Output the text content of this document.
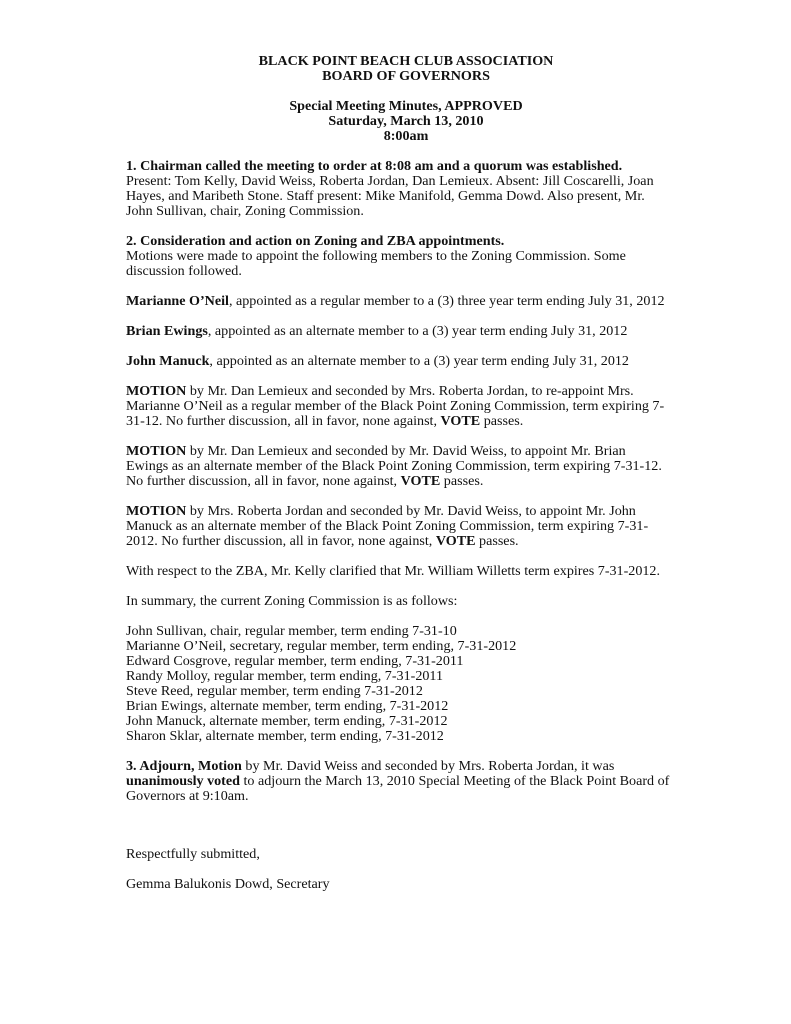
BLACK POINT BEACH CLUB ASSOCIATION
BOARD OF GOVERNORS
Special Meeting Minutes, APPROVED
Saturday, March 13, 2010
8:00am
1. Chairman called the meeting to order at 8:08 am and a quorum was established.
Present: Tom Kelly, David Weiss, Roberta Jordan, Dan Lemieux. Absent: Jill Coscarelli, Joan
Hayes, and Maribeth Stone. Staff present: Mike Manifold, Gemma Dowd. Also present, Mr.
John Sullivan, chair, Zoning Commission.
2. Consideration and action on Zoning and ZBA appointments.
Motions were made to appoint the following members to the Zoning Commission. Some
discussion followed.
Marianne O’Neil, appointed as a regular member to a (3) three year term ending July 31, 2012
Brian Ewings, appointed as an alternate member to a (3) year term ending July 31, 2012
John Manuck, appointed as an alternate member to a (3) year term ending July 31, 2012
MOTION by Mr. Dan Lemieux and seconded by Mrs. Roberta Jordan, to re-appoint Mrs.
Marianne O’Neil as a regular member of the Black Point Zoning Commission, term expiring 7-
31-12. No further discussion, all in favor, none against, VOTE passes.
MOTION by Mr. Dan Lemieux and seconded by Mr. David Weiss, to appoint Mr. Brian
Ewings as an alternate member of the Black Point Zoning Commission, term expiring 7-31-12.
No further discussion, all in favor, none against, VOTE passes.
MOTION by Mrs. Roberta Jordan and seconded by Mr. David Weiss, to appoint Mr. John
Manuck as an alternate member of the Black Point Zoning Commission, term expiring 7-31-
2012. No further discussion, all in favor, none against, VOTE passes.
With respect to the ZBA, Mr. Kelly clarified that Mr. William Willetts term expires 7-31-2012.
In summary, the current Zoning Commission is as follows:
John Sullivan, chair, regular member, term ending 7-31-10
Marianne O’Neil, secretary, regular member, term ending, 7-31-2012
Edward Cosgrove, regular member, term ending, 7-31-2011
Randy Molloy, regular member, term ending, 7-31-2011
Steve Reed, regular member, term ending 7-31-2012
Brian Ewings, alternate member, term ending, 7-31-2012
John Manuck, alternate member, term ending, 7-31-2012
Sharon Sklar, alternate member, term ending, 7-31-2012
3. Adjourn, Motion by Mr. David Weiss and seconded by Mrs. Roberta Jordan, it was
unanimously voted to adjourn the March 13, 2010 Special Meeting of the Black Point Board of
Governors at 9:10am.
Respectfully submitted,
Gemma Balukonis Dowd, Secretary
